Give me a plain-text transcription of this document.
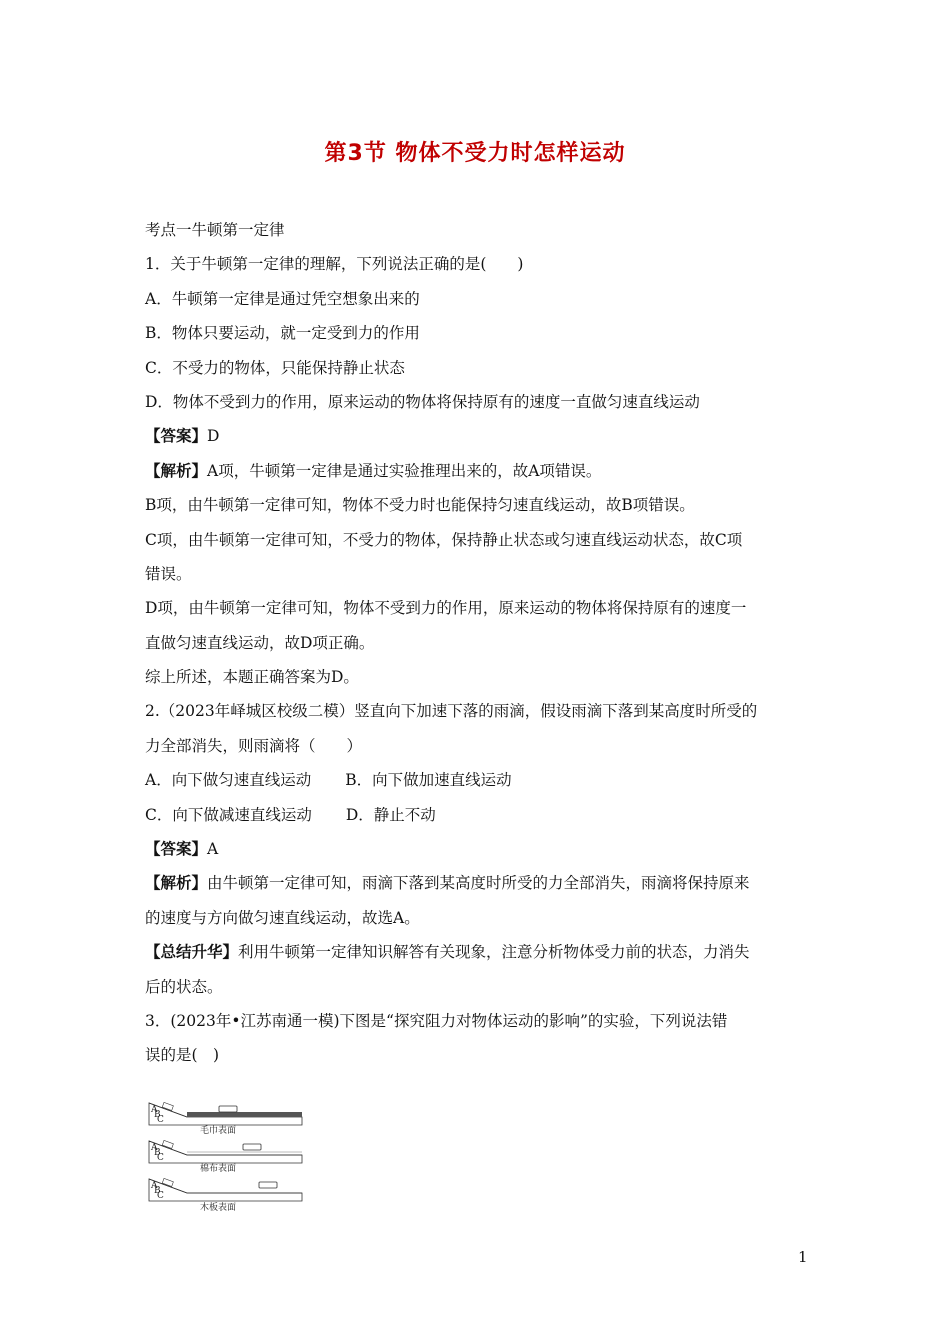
第3节 物体不受力时怎样运动
考点一牛顿第一定律
1．关于牛顿第一定律的理解，下列说法正确的是(　　)
A．牛顿第一定律是通过凭空想象出来的
B．物体只要运动，就一定受到力的作用
C．不受力的物体，只能保持静止状态
D．物体不受到力的作用，原来运动的物体将保持原有的速度一直做匀速直线运动
【答案】D
【解析】A项，牛顿第一定律是通过实验推理出来的，故A项错误。
B项，由牛顿第一定律可知，物体不受力时也能保持匀速直线运动，故B项错误。
C项，由牛顿第一定律可知，不受力的物体，保持静止状态或匀速直线运动状态，故C项
错误。
D项，由牛顿第一定律可知，物体不受到力的作用，原来运动的物体将保持原有的速度一
直做匀速直线运动，故D项正确。
综上所述，本题正确答案为D。
2.（2023年峄城区校级二模）竖直向下加速下落的雨滴，假设雨滴下落到某高度时所受的
力全部消失，则雨滴将（　　）
A．向下做匀速直线运动 B．向下做加速直线运动
C．向下做减速直线运动 D．静止不动
【答案】A
【解析】由牛顿第一定律可知，雨滴下落到某高度时所受的力全部消失，雨滴将保持原来
的速度与方向做匀速直线运动，故选A。
【总结升华】利用牛顿第一定律知识解答有关现象，注意分析物体受力前的状态，力消失
后的状态。
3．(2023年•江苏南通一模)下图是“探究阻力对物体运动的影响”的实验，下列说法错
误的是(　)
A
B
C
毛巾表面
A
B
C
棉布表面
A
B
C
木板表面
1
